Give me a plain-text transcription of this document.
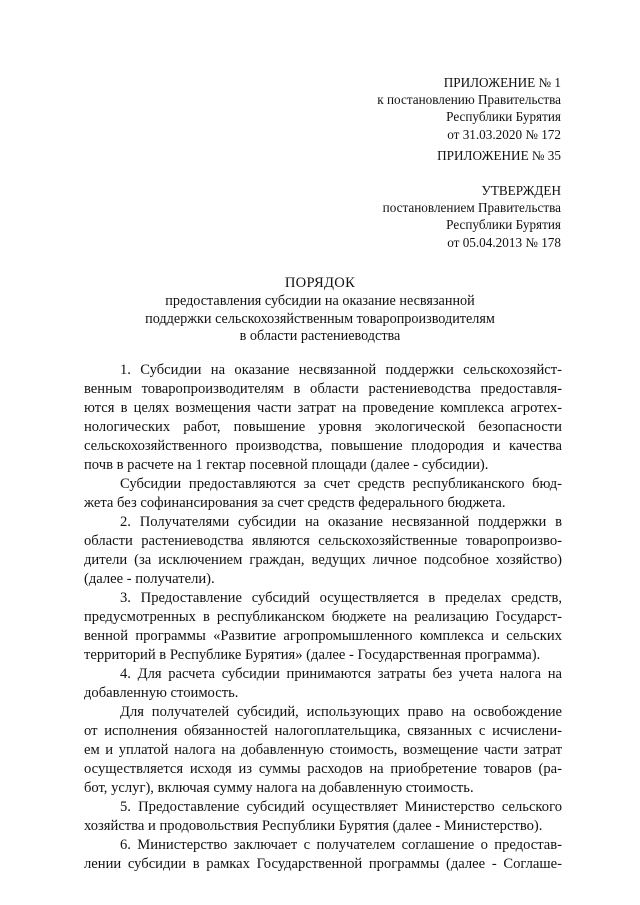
ПРИЛОЖЕНИЕ № 1
к постановлению Правительства
Республики Бурятия
от 31.03.2020 № 172
ПРИЛОЖЕНИЕ № 35
УТВЕРЖДЕН
постановлением Правительства
Республики Бурятия
от 05.04.2013 № 178
ПОРЯДОК
предоставления субсидии на оказание несвязанной
поддержки сельскохозяйственным товаропроизводителям
в области растениеводства

1. Субсидии на оказание несвязанной поддержки сельскохозяйст-
венным товаропроизводителям в области растениеводства предоставля-
ются в целях возмещения части затрат на проведение комплекса агротех-
нологических работ, повышение уровня экологической безопасности
сельскохозяйственного производства, повышение плодородия и качества
почв в расчете на 1 гектар посевной площади (далее - субсидии).

Субсидии предоставляются за счет средств республиканского бюд-
жета без софинансирования за счет средств федерального бюджета.

2. Получателями субсидии на оказание несвязанной поддержки в
области растениеводства являются сельскохозяйственные товаропроизво-
дители (за исключением граждан, ведущих личное подсобное хозяйство)
(далее - получатели).

3. Предоставление субсидий осуществляется в пределах средств,
предусмотренных в республиканском бюджете на реализацию Государст-
венной программы «Развитие агропромышленного комплекса и сельских
территорий в Республике Бурятия» (далее - Государственная программа).

4. Для расчета субсидии принимаются затраты без учета налога на
добавленную стоимость.

Для получателей субсидий, использующих право на освобождение
от исполнения обязанностей налогоплательщика, связанных с исчислени-
ем и уплатой налога на добавленную стоимость, возмещение части затрат
осуществляется исходя из суммы расходов на приобретение товаров (ра-
бот, услуг), включая сумму налога на добавленную стоимость.

5. Предоставление субсидий осуществляет Министерство сельского
хозяйства и продовольствия Республики Бурятия (далее - Министерство).

6. Министерство заключает с получателем соглашение о предостав-
лении субсидии в рамках Государственной программы (далее - Соглаше-
